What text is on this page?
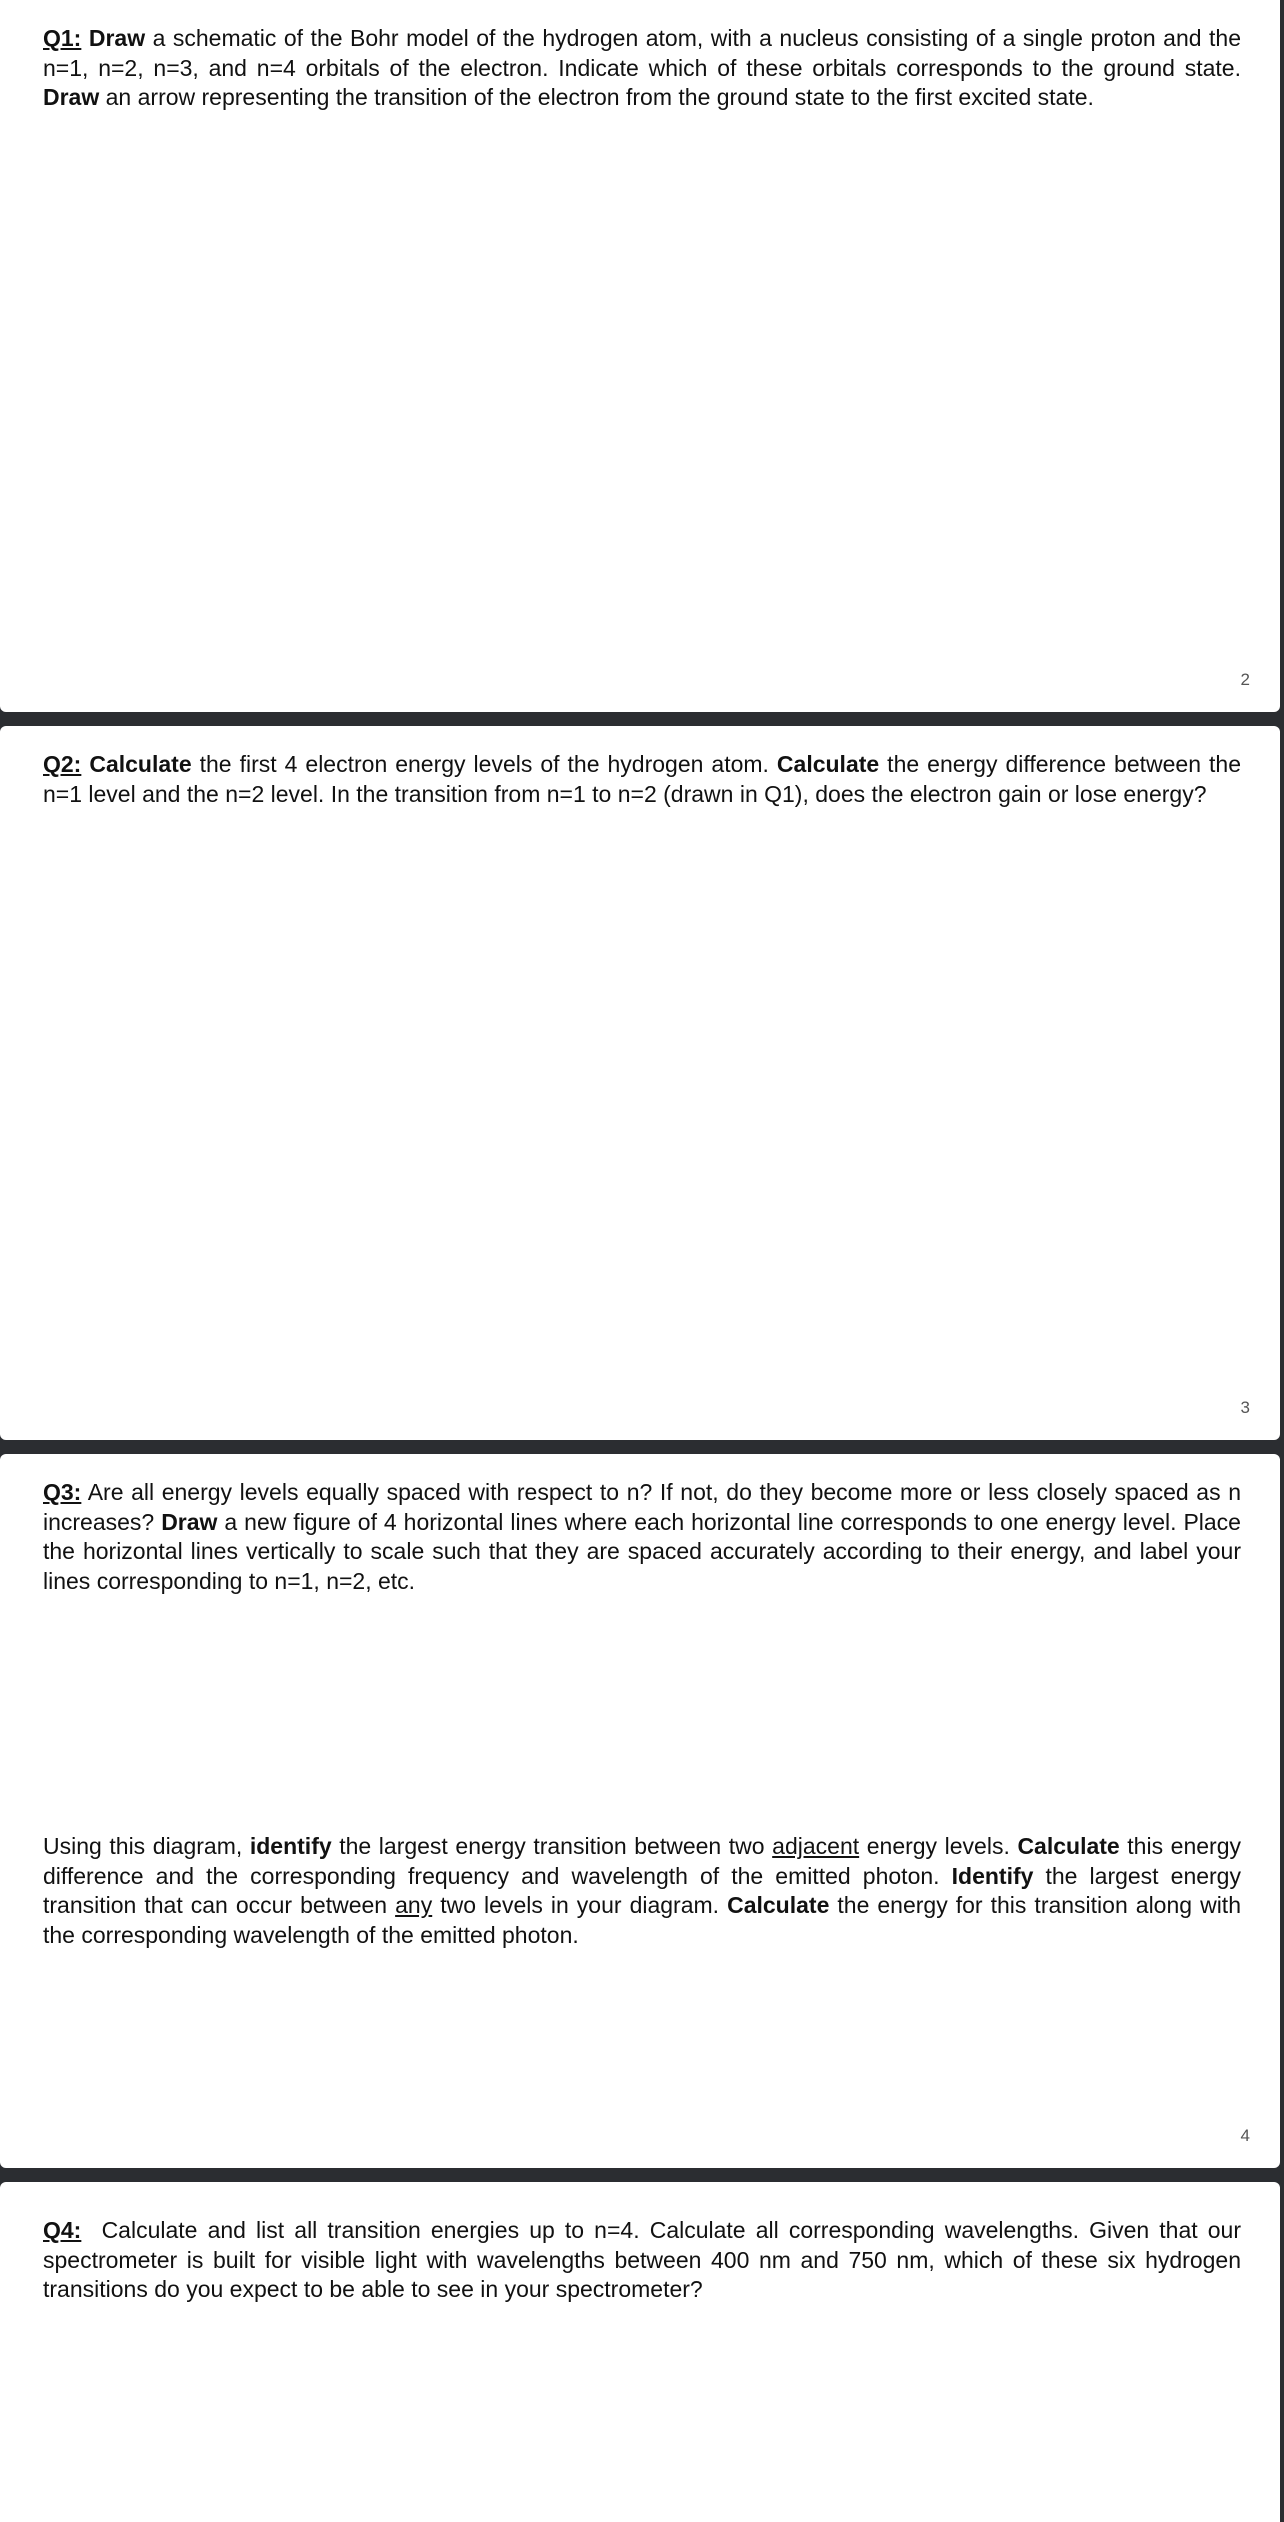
Q1: Draw a schematic of the Bohr model of the hydrogen atom, with a nucleus consisting of a single proton and the n=1, n=2, n=3, and n=4 orbitals of the electron. Indicate which of these orbitals corresponds to the ground state. Draw an arrow representing the transition of the electron from the ground state to the first excited state.

2

Q2: Calculate the first 4 electron energy levels of the hydrogen atom. Calculate the energy difference between the n=1 level and the n=2 level. In the transition from n=1 to n=2 (drawn in Q1), does the electron gain or lose energy?

3

Q3: Are all energy levels equally spaced with respect to n? If not, do they become more or less closely spaced as n increases? Draw a new figure of 4 horizontal lines where each horizontal line corresponds to one energy level. Place the horizontal lines vertically to scale such that they are spaced accurately according to their energy, and label your lines corresponding to n=1, n=2, etc.

Using this diagram, identify the largest energy transition between two adjacent energy levels. Calculate this energy difference and the corresponding frequency and wavelength of the emitted photon. Identify the largest energy transition that can occur between any two levels in your diagram. Calculate the energy for this transition along with the corresponding wavelength of the emitted photon.

4

Q4:  Calculate and list all transition energies up to n=4. Calculate all corresponding wavelengths. Given that our spectrometer is built for visible light with wavelengths between 400 nm and 750 nm, which of these six hydrogen transitions do you expect to be able to see in your spectrometer?
